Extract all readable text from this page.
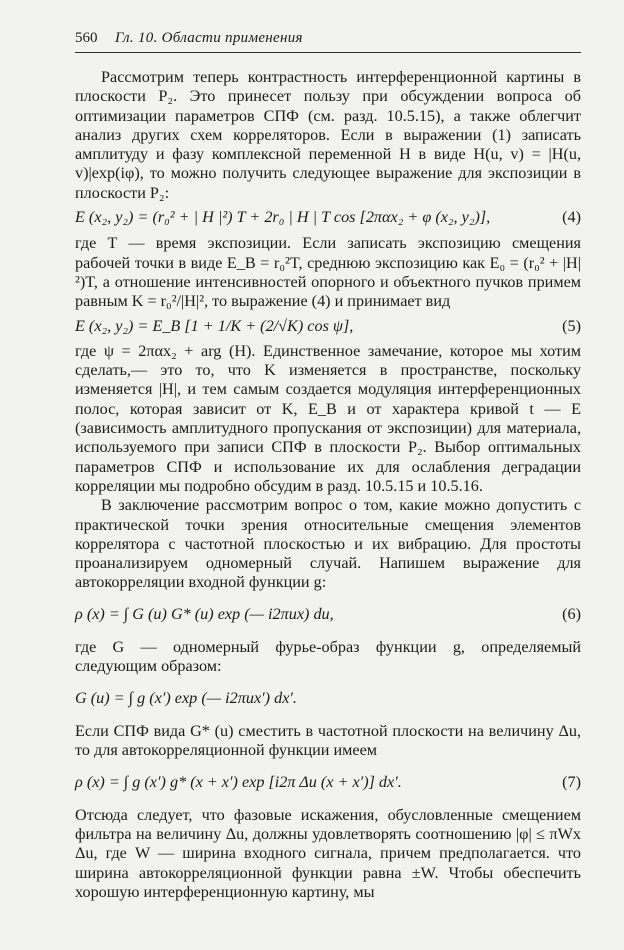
560 Гл. 10. Области применения

Рассмотрим теперь контрастность интерференционной картины в плоскости P₂. Это принесет пользу при обсуждении вопроса об оптимизации параметров СПФ (см. разд. 10.5.15), а также облегчит анализ других схем корреляторов. Если в выражении (1) записать амплитуду и фазу комплексной переменной H в виде H(u, v) = |H(u, v)|exp(iφ), то можно получить следующее выражение для экспозиции в плоскости P₂:

E (x₂, y₂) = (r₀² + | H |²) T + 2r₀ | H | T cos [2παx₂ + φ (x₂, y₂)],	(4)

где T — время экспозиции. Если записать экспозицию смещения рабочей точки в виде E_B = r₀²T, среднюю экспозицию как E₀ = (r₀² + |H|²)T, а отношение интенсивностей опорного и объектного пучков примем равным K = r₀²/|H|², то выражение (4) и принимает вид

E (x₂, y₂) = E_B [1 + 1/K + (2/√K) cos ψ],	(5)

где ψ = 2παx₂ + arg (H). Единственное замечание, которое мы хотим сделать,— это то, что K изменяется в пространстве, поскольку изменяется |H|, и тем самым создается модуляция интерференционных полос, которая зависит от K, E_B и от характера кривой t — E (зависимость амплитудного пропускания от экспозиции) для материала, используемого при записи СПФ в плоскости P₂. Выбор оптимальных параметров СПФ и использование их для ослабления деградации корреляции мы подробно обсудим в разд. 10.5.15 и 10.5.16.

В заключение рассмотрим вопрос о том, какие можно допустить с практической точки зрения относительные смещения элементов коррелятора с частотной плоскостью и их вибрацию. Для простоты проанализируем одномерный случай. Напишем выражение для автокорреляции входной функции g:

ρ (x) = ∫ G (u) G* (u) exp (— i2πux) du,	(6)

где G — одномерный фурье-образ функции g, определяемый следующим образом:

G (u) = ∫ g (x′) exp (— i2πux′) dx′.

Если СПФ вида G* (u) сместить в частотной плоскости на величину Δu, то для автокорреляционной функции имеем

ρ (x) = ∫ g (x′) g* (x + x′) exp [i2π Δu (x + x′)] dx′.	(7)

Отсюда следует, что фазовые искажения, обусловленные смещением фильтра на величину Δu, должны удовлетворять соотношению |φ| ≤ πWx Δu, где W — ширина входного сигнала, причем предполагается. что ширина автокорреляционной функции равна ±W. Чтобы обеспечить хорошую интерференционную картину, мы
